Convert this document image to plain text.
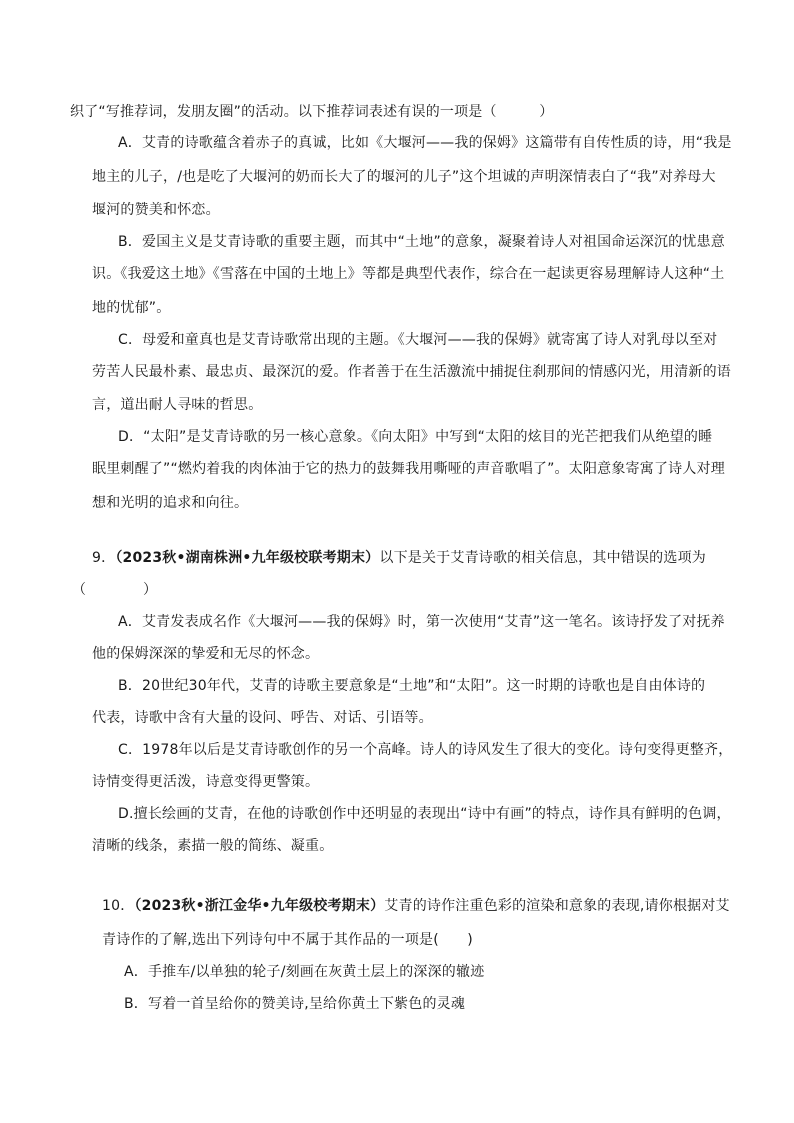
织了“写推荐词，发朋友圈”的活动。以下推荐词表述有误的一项是（　　　）
A．艾青的诗歌蕴含着赤子的真诚，比如《大堰河——我的保姆》这篇带有自传性质的诗，用“我是
地主的儿子，/也是吃了大堰河的奶而长大了的堰河的儿子”这个坦诚的声明深情表白了“我”对养母大
堰河的赞美和怀恋。
B．爱国主义是艾青诗歌的重要主题，而其中“土地”的意象，凝聚着诗人对祖国命运深沉的忧患意
识。《我爱这土地》《雪落在中国的土地上》等都是典型代表作，综合在一起读更容易理解诗人这种“土
地的忧郁”。
C．母爱和童真也是艾青诗歌常出现的主题。《大堰河——我的保姆》就寄寓了诗人对乳母以至对
劳苦人民最朴素、最忠贞、最深沉的爱。作者善于在生活激流中捕捉住刹那间的情感闪光，用清新的语
言，道出耐人寻味的哲思。
D．“太阳”是艾青诗歌的另一核心意象。《向太阳》中写到“太阳的炫目的光芒把我们从绝望的睡
眠里刺醒了”“燃灼着我的肉体油于它的热力的鼓舞我用嘶哑的声音歌唱了”。太阳意象寄寓了诗人对理
想和光明的追求和向往。
9．（2023秋•湖南株洲•九年级校联考期末）以下是关于艾青诗歌的相关信息，其中错误的选项为
（　　　　）
A．艾青发表成名作《大堰河——我的保姆》时，第一次使用“艾青”这一笔名。该诗抒发了对抚养
他的保姆深深的挚爱和无尽的怀念。
B．20世纪30年代，艾青的诗歌主要意象是“土地”和“太阳”。这一时期的诗歌也是自由体诗的
代表，诗歌中含有大量的设问、呼告、对话、引语等。
C．1978年以后是艾青诗歌创作的另一个高峰。诗人的诗风发生了很大的变化。诗句变得更整齐，
诗情变得更活泼，诗意变得更警策。
D.擅长绘画的艾青，在他的诗歌创作中还明显的表现出“诗中有画”的特点，诗作具有鲜明的色调，
清晰的线条，素描一般的简练、凝重。
10．（2023秋•浙江金华•九年级校考期末）艾青的诗作注重色彩的渲染和意象的表现,请你根据对艾
青诗作的了解,选出下列诗句中不属于其作品的一项是(　　)
A．手推车/以单独的轮子/刻画在灰黄土层上的深深的辙迹
B．写着一首呈给你的赞美诗,呈给你黄土下紫色的灵魂
